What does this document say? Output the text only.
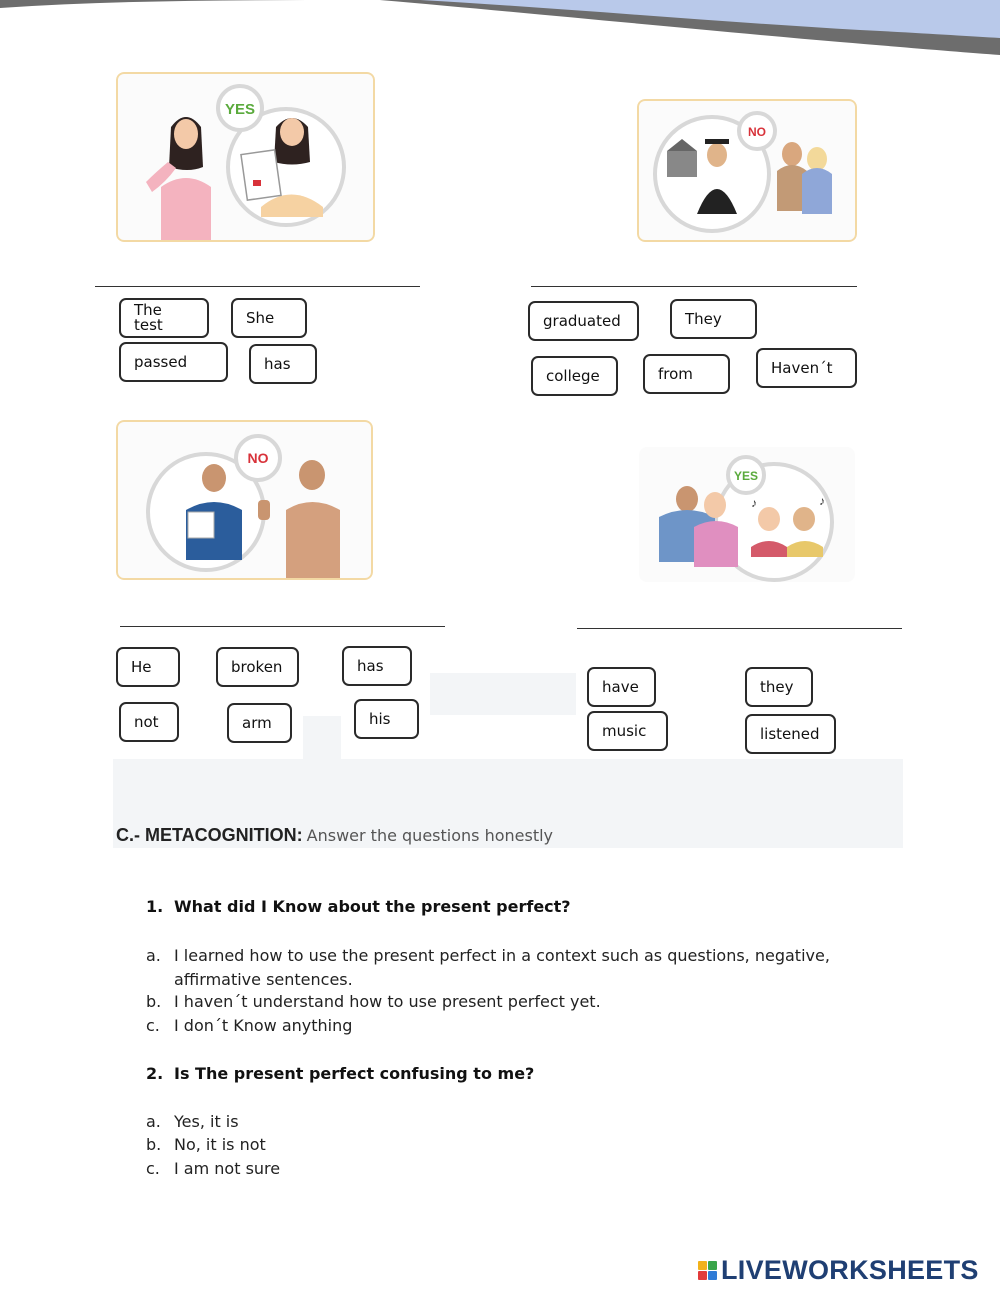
YES
NO
The test	She
passed	has
graduated	They
college	from	Haven´t
NO
YES
♪
♪
He	broken	has
not	arm	his
have	they
music	listened
C.- METACOGNITION: Answer the questions honestly
1. What did I Know about the present perfect?
a. I learned how to use the present perfect in a context such as questions, negative, affirmative sentences.
b. I haven´t understand how to use present perfect yet.
c. I don´t Know anything
2. Is The present perfect confusing to me?
a. Yes, it is
b. No, it is not
c. I am not sure
LIVEWORKSHEETS
